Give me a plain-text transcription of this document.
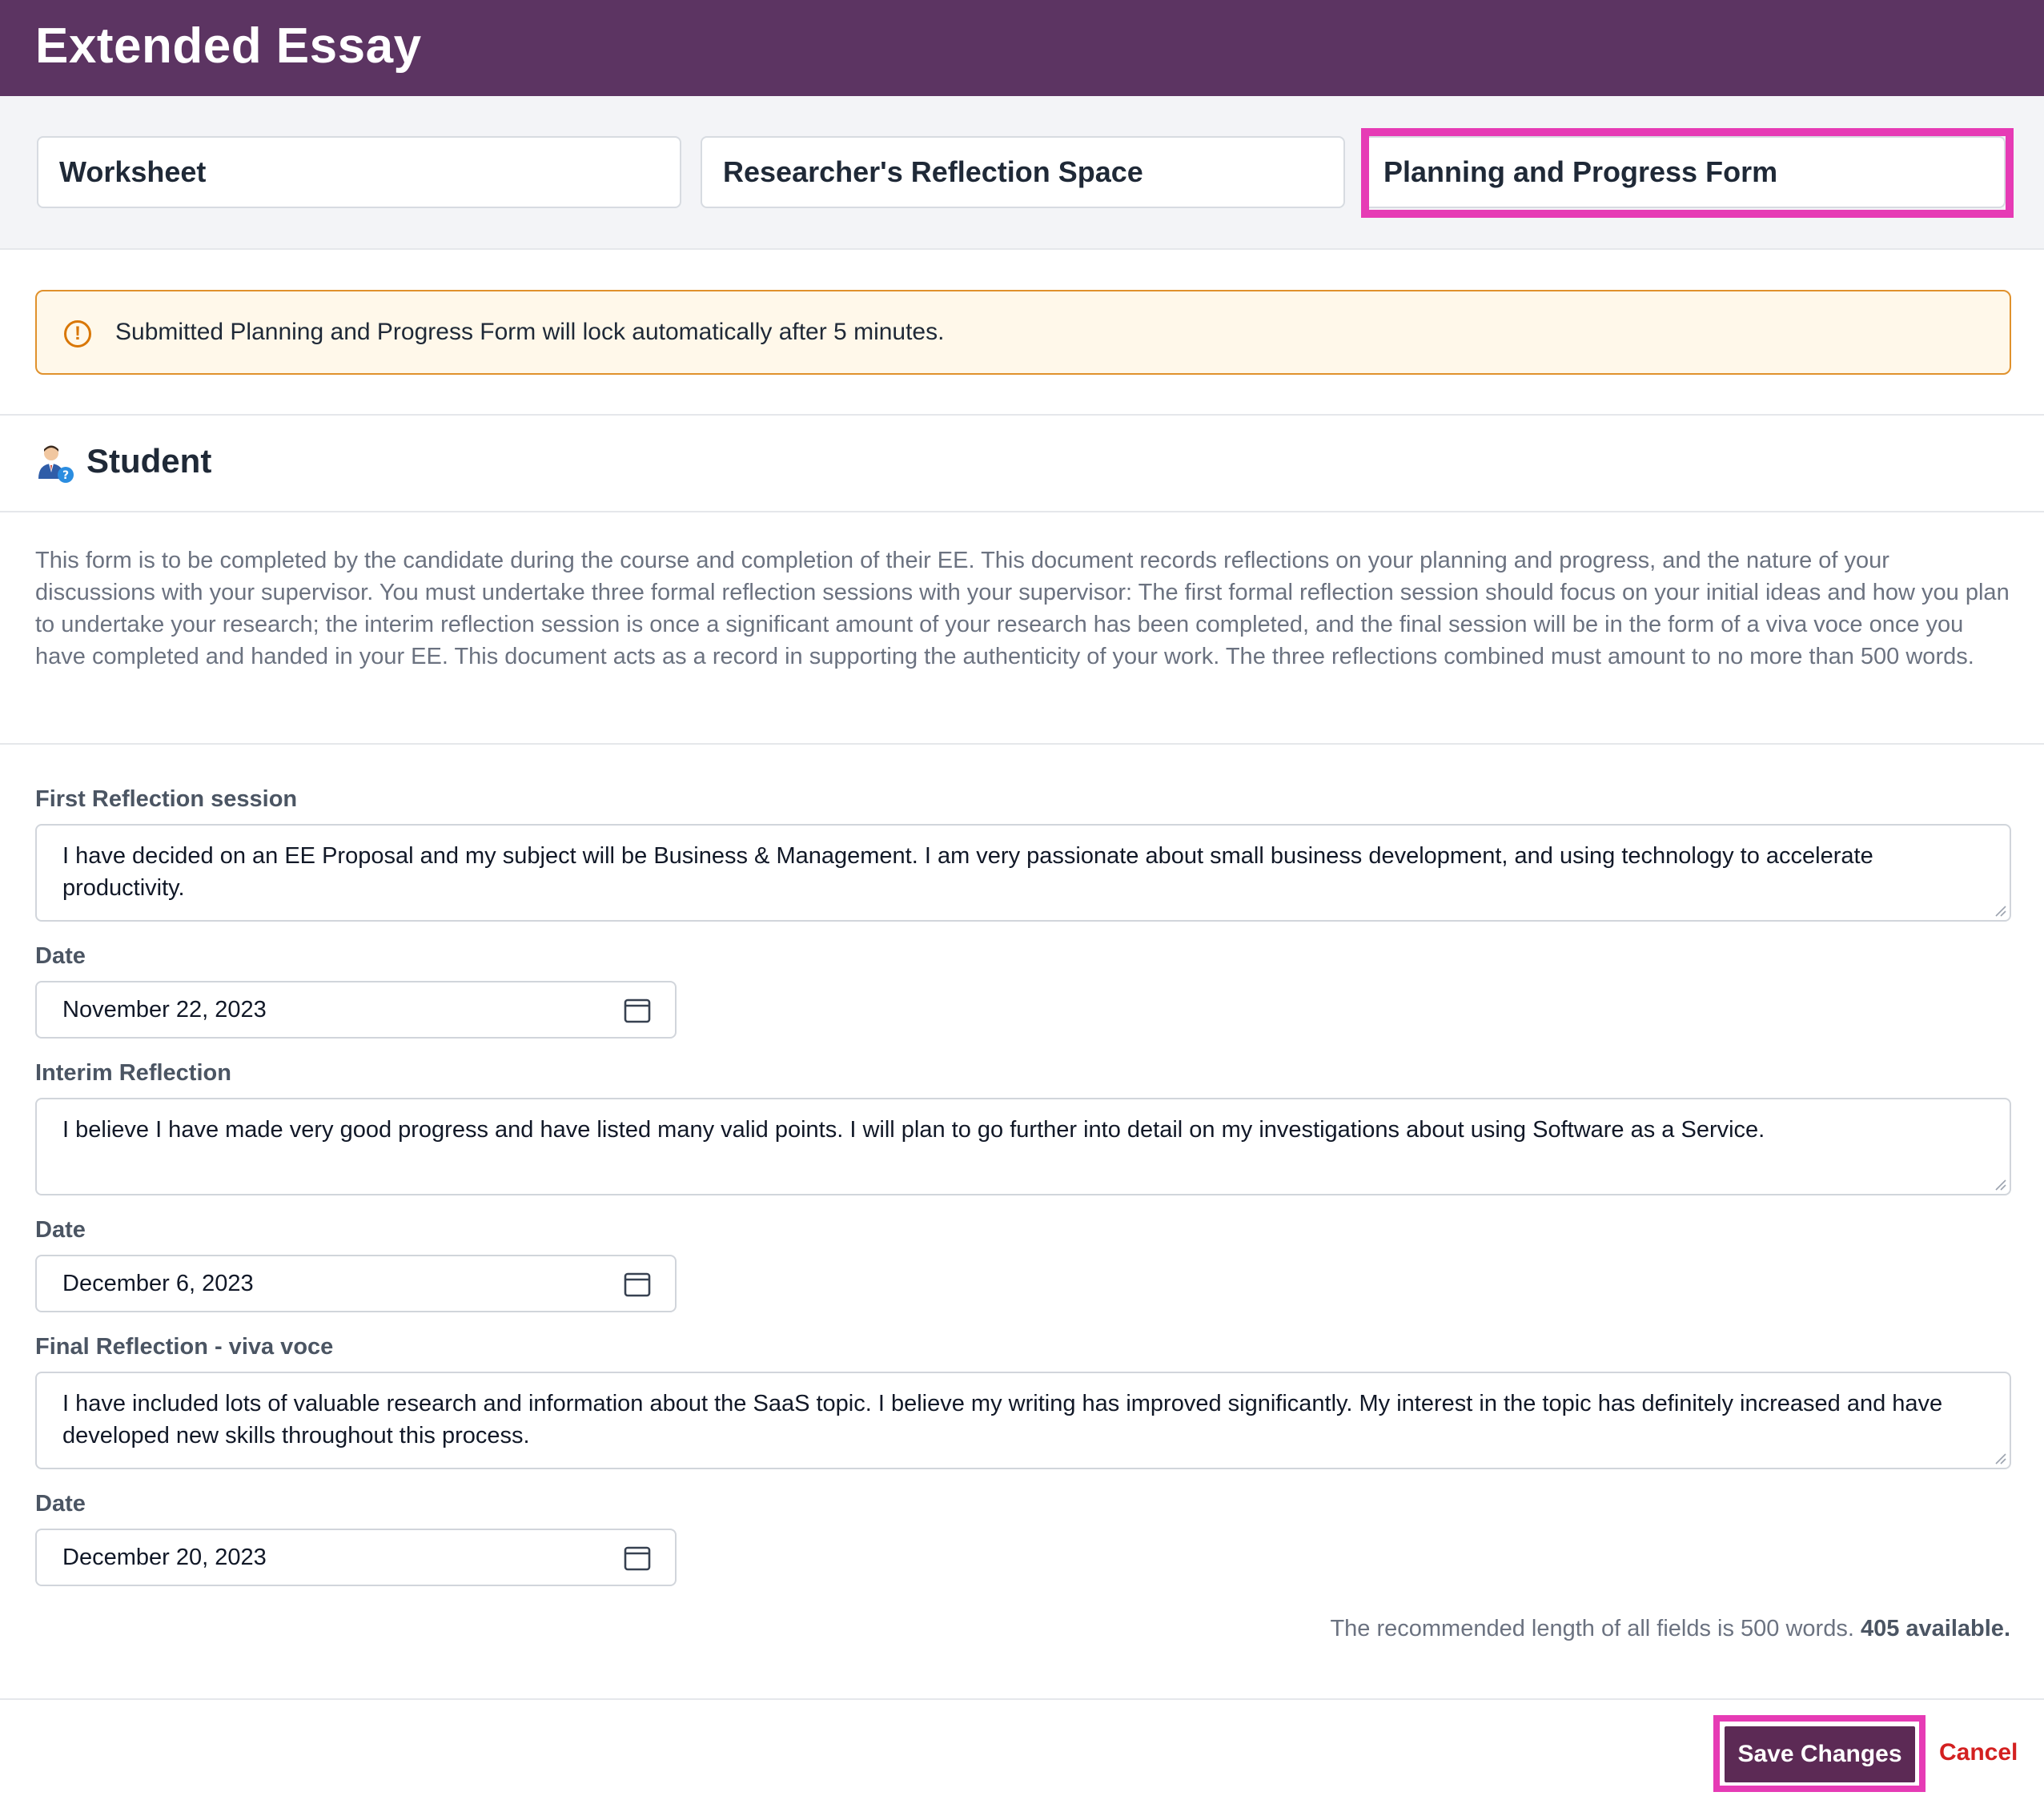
Extended Essay
Worksheet	Researcher's Reflection Space	Planning and Progress Form
!	Submitted Planning and Progress Form will lock automatically after 5 minutes.
? Student
This form is to be completed by the candidate during the course and completion of their EE. This document records reflections on your planning and progress, and the nature of your discussions with your supervisor. You must undertake three formal reflection sessions with your supervisor: The first formal reflection session should focus on your initial ideas and how you plan to undertake your research; the interim reflection session is once a significant amount of your research has been completed, and the final session will be in the form of a viva voce once you have completed and handed in your EE. This document acts as a record in supporting the authenticity of your work. The three reflections combined must amount to no more than 500 words.
First Reflection session
I have decided on an EE Proposal and my subject will be Business & Management. I am very passionate about small business development, and using technology to accelerate productivity.
Date
November 22, 2023
Interim Reflection
I believe I have made very good progress and have listed many valid points. I will plan to go further into detail on my investigations about using Software as a Service.
Date
December 6, 2023
Final Reflection - viva voce
I have included lots of valuable research and information about the SaaS topic. I believe my writing has improved significantly. My interest in the topic has definitely increased and have developed new skills throughout this process.
Date
December 20, 2023
The recommended length of all fields is 500 words. 405 available.
Save Changes	Cancel
